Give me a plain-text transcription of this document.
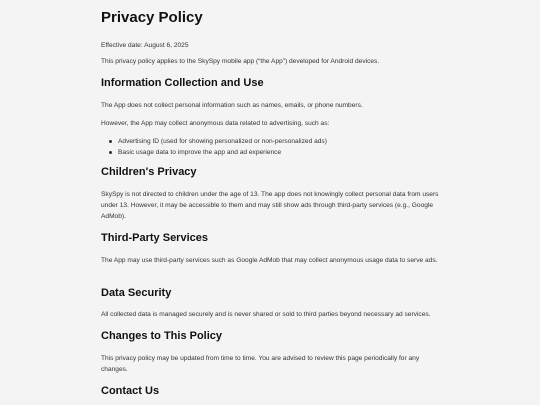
Privacy Policy

Effective date: August 6, 2025

This privacy policy applies to the SkySpy mobile app (“the App”) developed for Android devices.

Information Collection and Use

The App does not collect personal information such as names, emails, or phone numbers.

However, the App may collect anonymous data related to advertising, such as:

Advertising ID (used for showing personalized or non-personalized ads)
Basic usage data to improve the app and ad experience
Children's Privacy

SkySpy is not directed to children under the age of 13. The app does not knowingly collect personal data from users under 13. However, it may be accessible to them and may still show ads through third-party services (e.g., Google AdMob).

Third-Party Services

The App may use third-party services such as Google AdMob that may collect anonymous usage data to serve ads.

Data Security

All collected data is managed securely and is never shared or sold to third parties beyond necessary ad services.

Changes to This Policy

This privacy policy may be updated from time to time. You are advised to review this page periodically for any changes.

Contact Us
